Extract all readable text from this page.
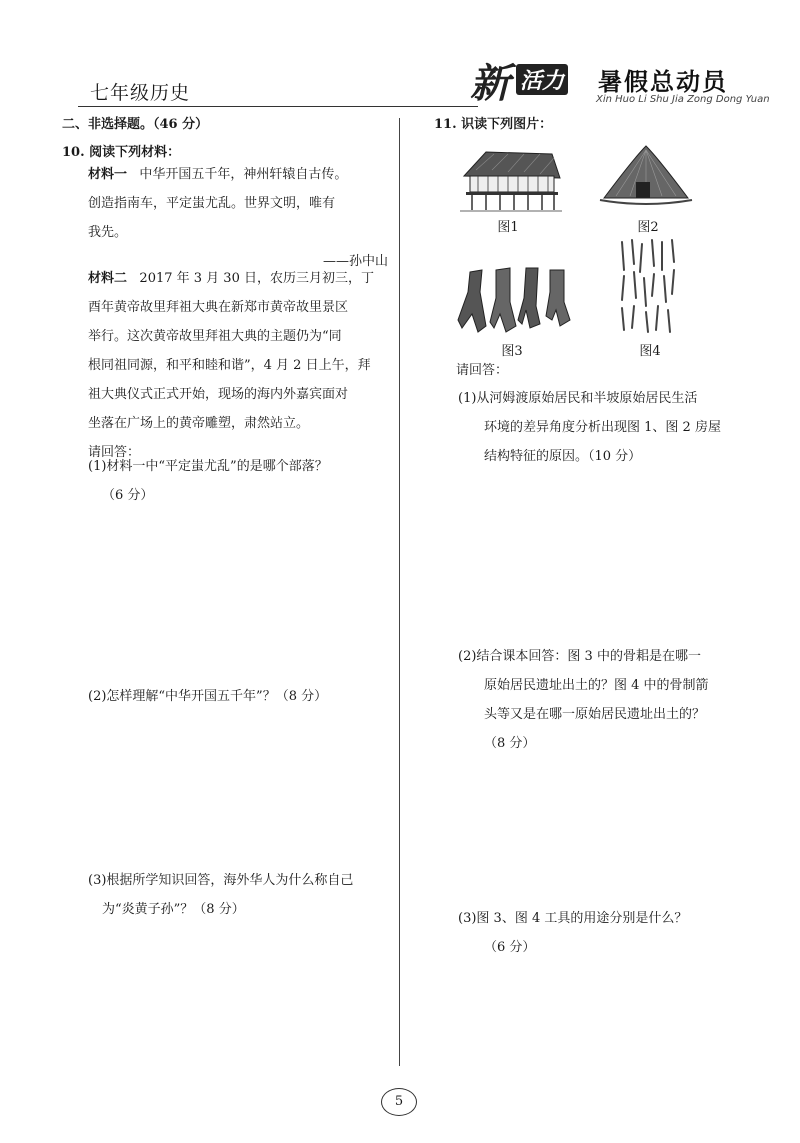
七年级历史	新 活力 暑假总动员
Xin Huo Li Shu Jia Zong Dong Yuan
二、非选择题。（46 分）
10. 阅读下列材料：
材料一 中华开国五千年，神州轩辕自古传。
创造指南车，平定蚩尤乱。世界文明，唯有
我先。
——孙中山
材料二 2017 年 3 月 30 日，农历三月初三，丁
酉年黄帝故里拜祖大典在新郑市黄帝故里景区
举行。这次黄帝故里拜祖大典的主题仍为“同
根同祖同源，和平和睦和谐”，4 月 2 日上午，拜
祖大典仪式正式开始，现场的海内外嘉宾面对
坐落在广场上的黄帝雕塑，肃然站立。
请回答：
(1)材料一中“平定蚩尤乱”的是哪个部落？
（6 分）
(2)怎样理解“中华开国五千年”？（8 分）
(3)根据所学知识回答，海外华人为什么称自己
为“炎黄子孙”？（8 分）
11. 识读下列图片：
图1	图2
图3	图4
请回答：
(1)从河姆渡原始居民和半坡原始居民生活
环境的差异角度分析出现图 1、图 2 房屋
结构特征的原因。（10 分）
(2)结合课本回答：图 3 中的骨耜是在哪一
原始居民遗址出土的？图 4 中的骨制箭
头等又是在哪一原始居民遗址出土的？
（8 分）
(3)图 3、图 4 工具的用途分别是什么？
（6 分）
5
